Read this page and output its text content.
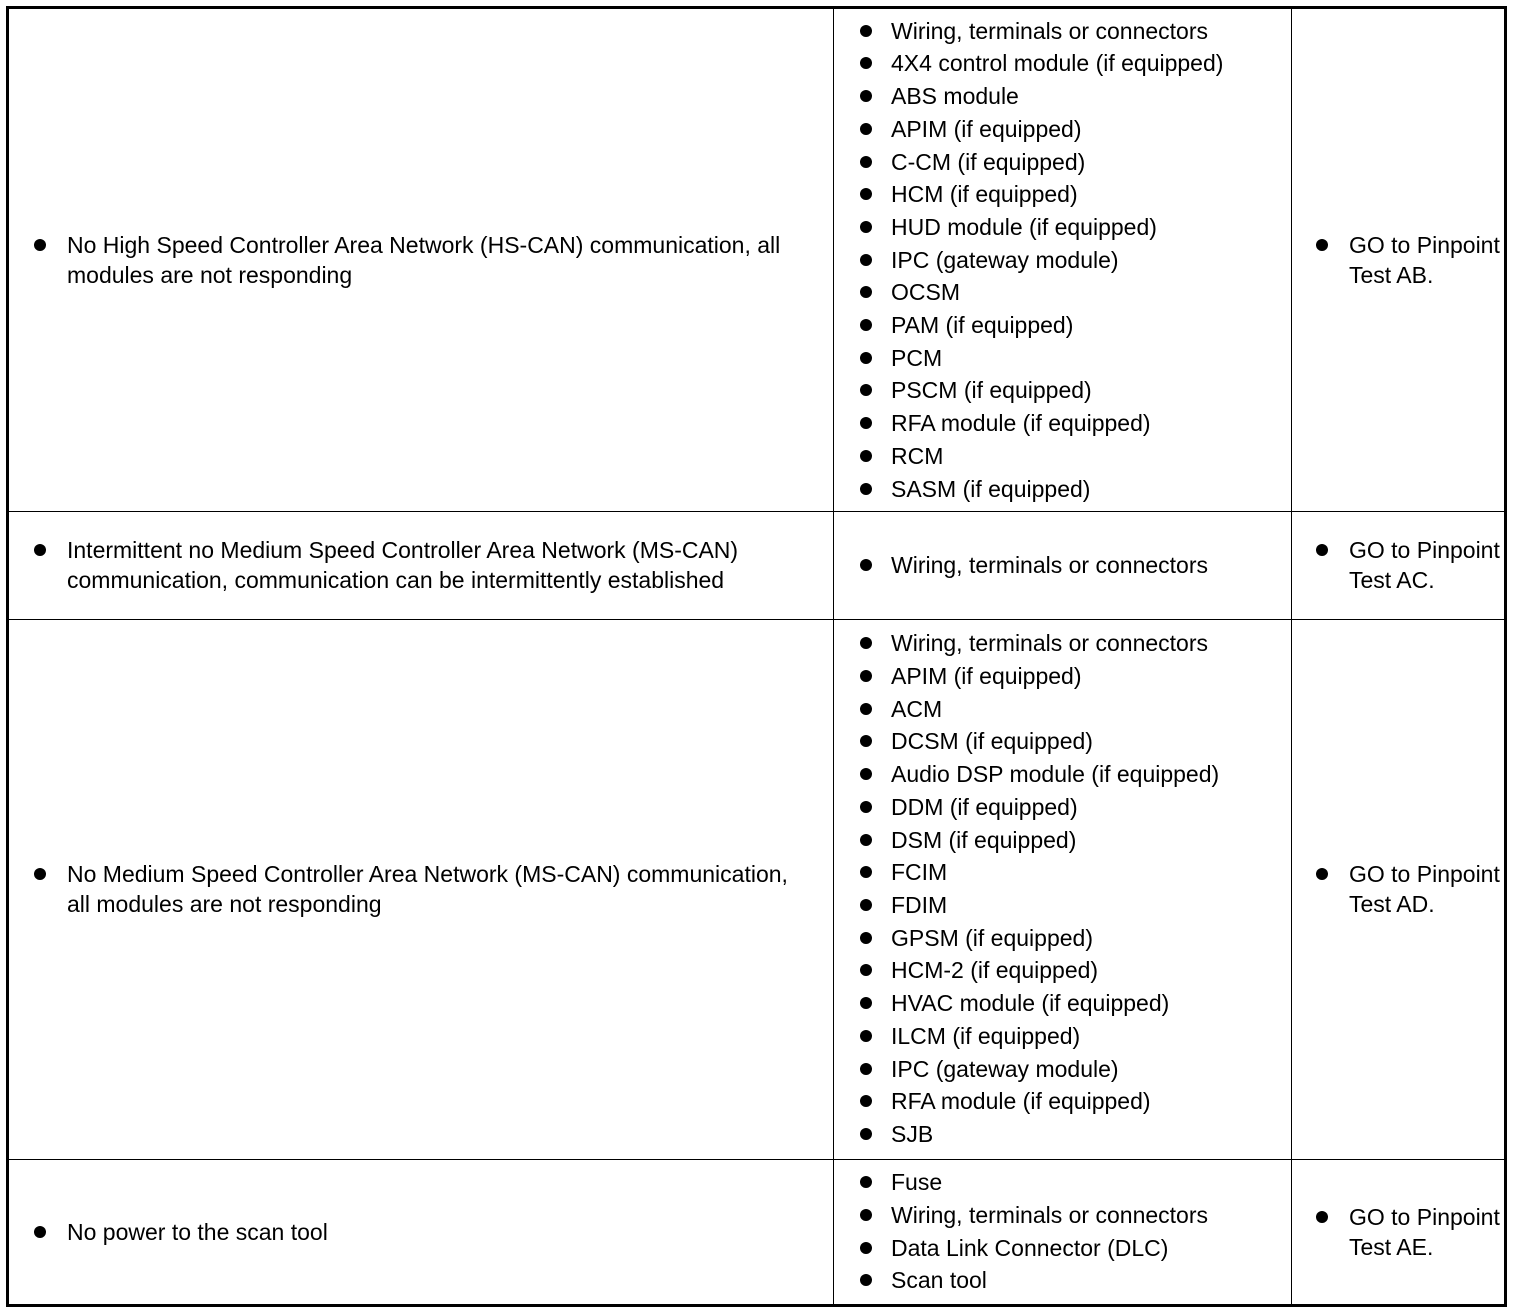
No High Speed Controller Area Network (HS-CAN) communication, all modules are not responding
Wiring, terminals or connectors
4X4 control module (if equipped)
ABS module
APIM (if equipped)
C-CM (if equipped)
HCM (if equipped)
HUD module (if equipped)
IPC (gateway module)
OCSM
PAM (if equipped)
PCM
PSCM (if equipped)
RFA module (if equipped)
RCM
SASM (if equipped)
GO to Pinpoint Test AB.
Intermittent no Medium Speed Controller Area Network (MS-CAN) communication, communication can be intermittently established
Wiring, terminals or connectors
GO to Pinpoint Test AC.
No Medium Speed Controller Area Network (MS-CAN) communication, all modules are not responding
Wiring, terminals or connectors
APIM (if equipped)
ACM
DCSM (if equipped)
Audio DSP module (if equipped)
DDM (if equipped)
DSM (if equipped)
FCIM
FDIM
GPSM (if equipped)
HCM-2 (if equipped)
HVAC module (if equipped)
ILCM (if equipped)
IPC (gateway module)
RFA module (if equipped)
SJB
GO to Pinpoint Test AD.
No power to the scan tool
Fuse
Wiring, terminals or connectors
Data Link Connector (DLC)
Scan tool
GO to Pinpoint Test AE.
